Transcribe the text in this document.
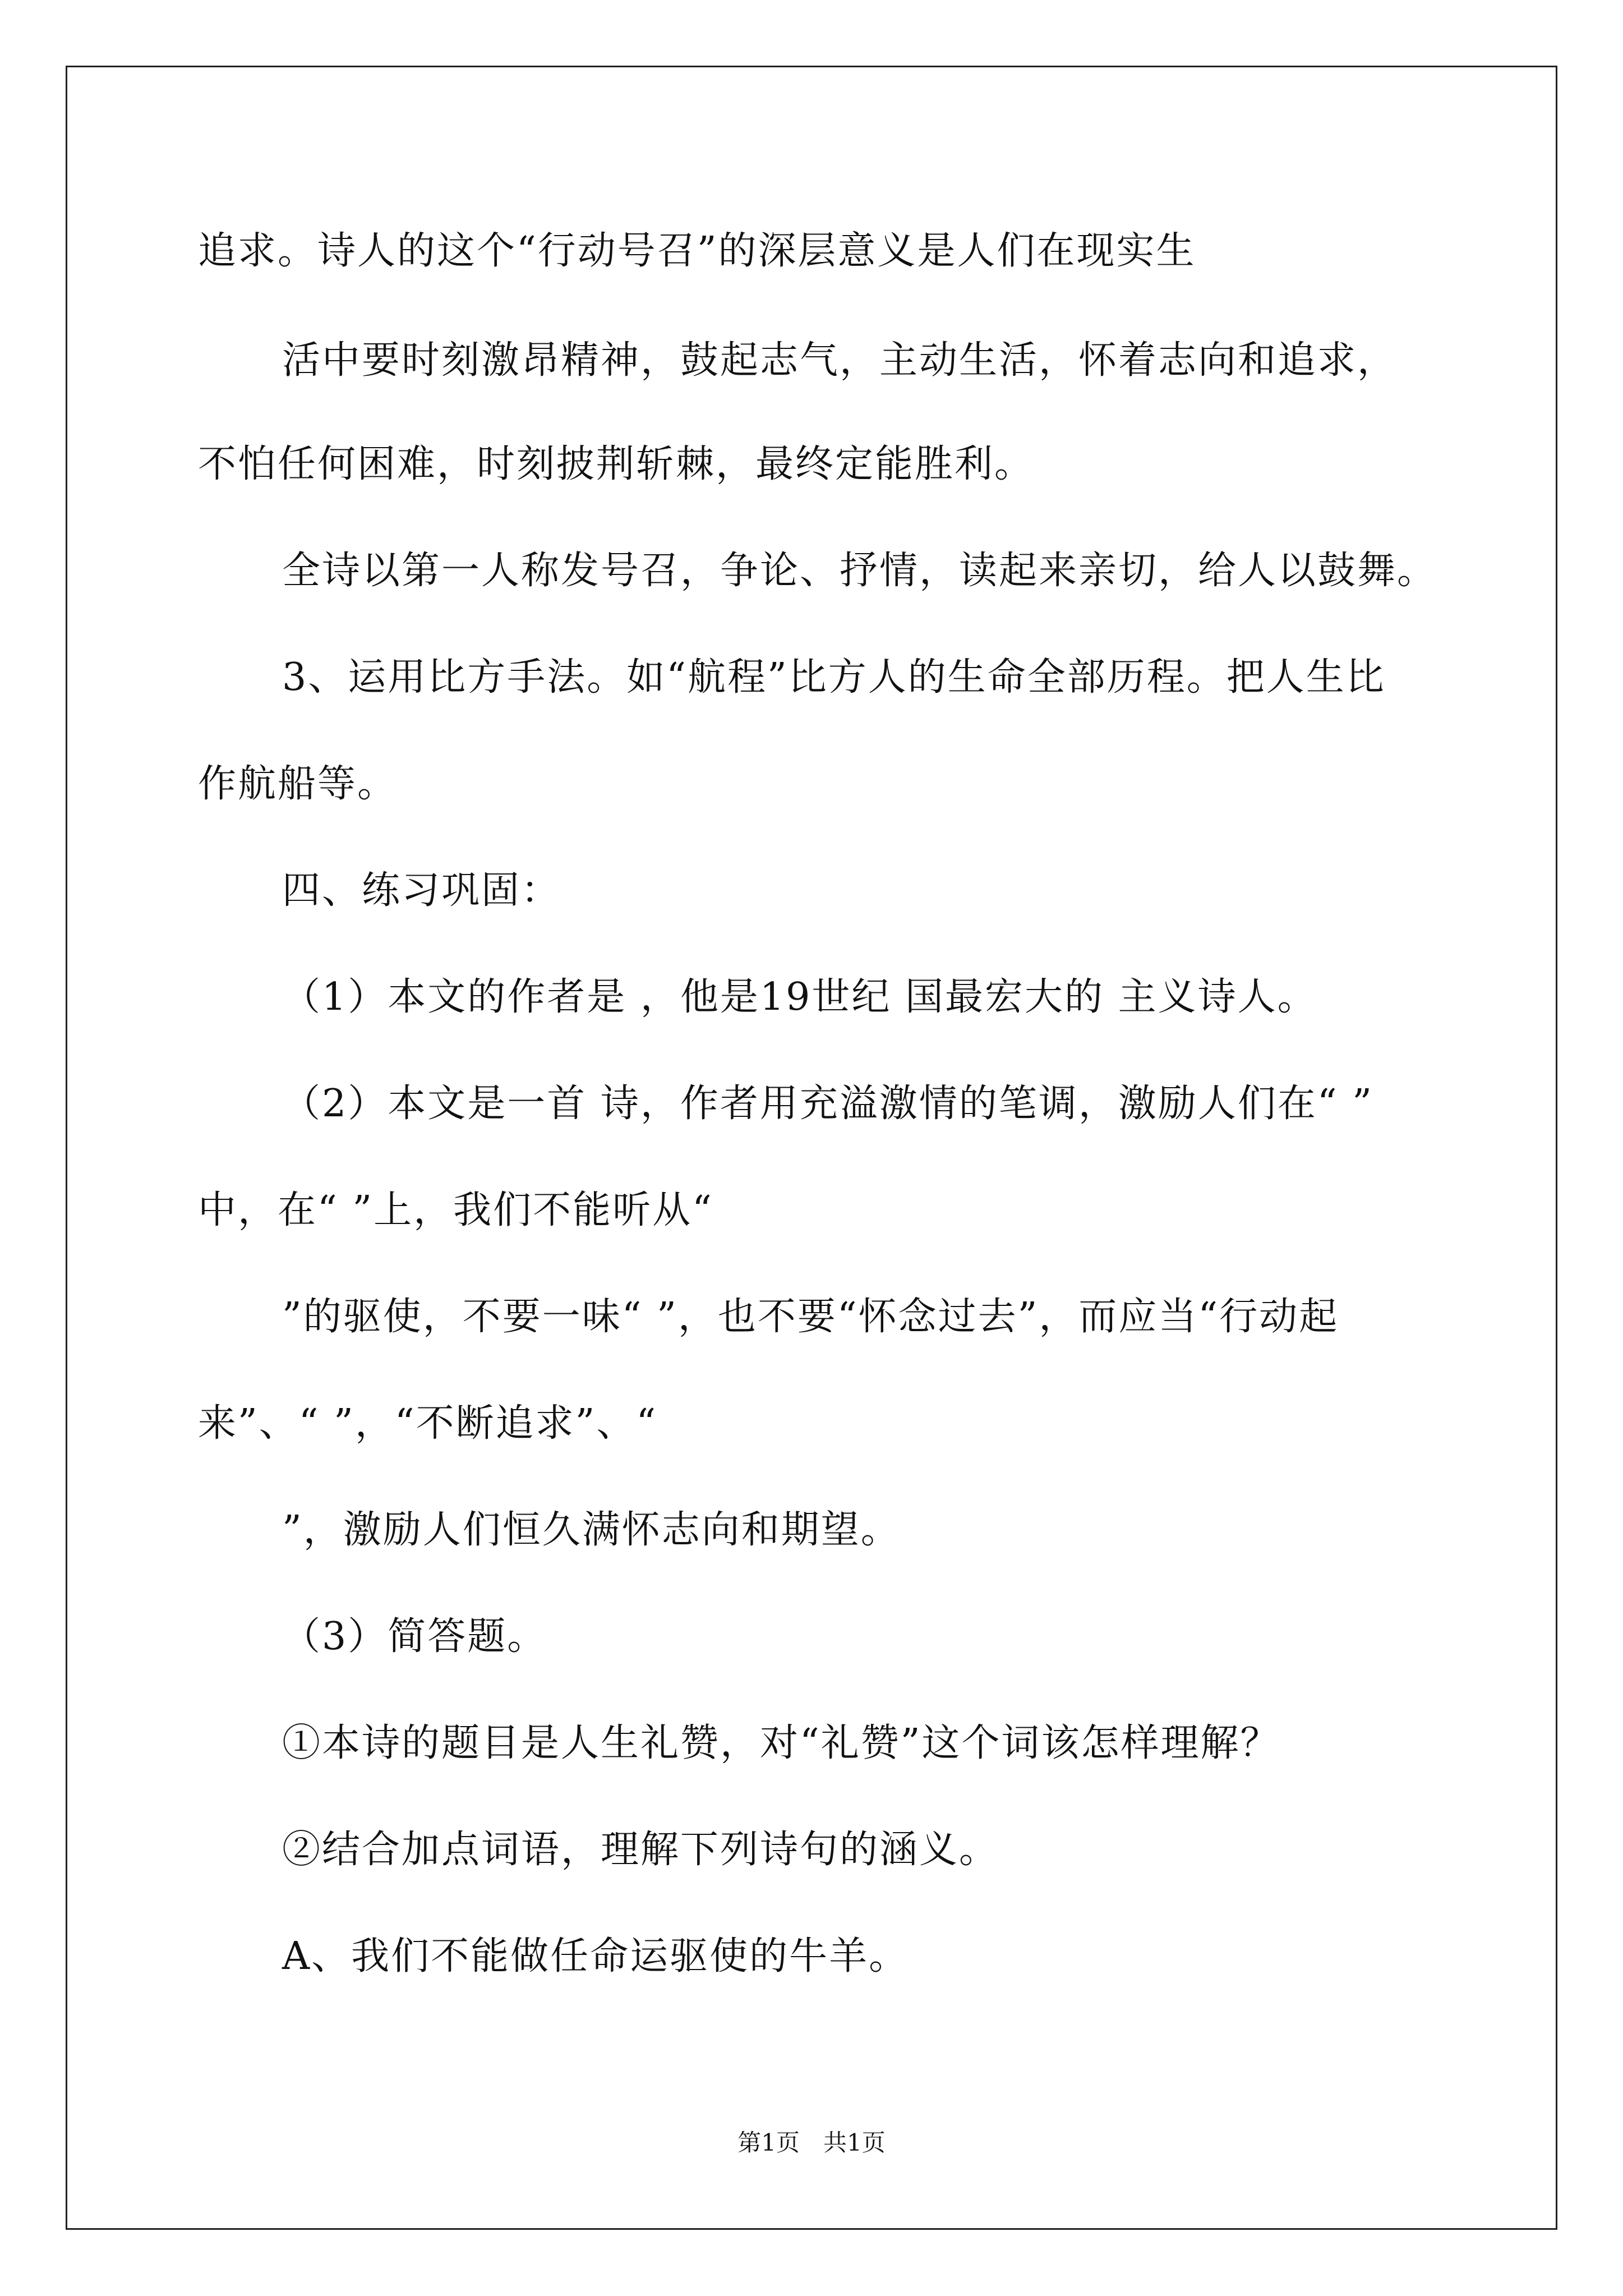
追求。诗人的这个“行动号召”的深层意义是人们在现实生
活中要时刻激昂精神，鼓起志气，主动生活，怀着志向和追求，
不怕任何困难，时刻披荆斩棘，最终定能胜利。
全诗以第一人称发号召，争论、抒情，读起来亲切，给人以鼓舞。
3、运用比方手法。如“航程”比方人的生命全部历程。把人生比
作航船等。
四、练习巩固：
（1）本文的作者是 ，他是19世纪 国最宏大的 主义诗人。
（2）本文是一首 诗，作者用充溢激情的笔调，激励人们在“ ”
中，在“ ”上，我们不能听从“
”的驱使，不要一味“ ”，也不要“怀念过去”，而应当“行动起
来”、“ ”，“不断追求”、“
”，激励人们恒久满怀志向和期望。
（3）简答题。
①本诗的题目是人生礼赞，对“礼赞”这个词该怎样理解？
②结合加点词语，理解下列诗句的涵义。
A、我们不能做任命运驱使的牛羊。
第1页　共1页
